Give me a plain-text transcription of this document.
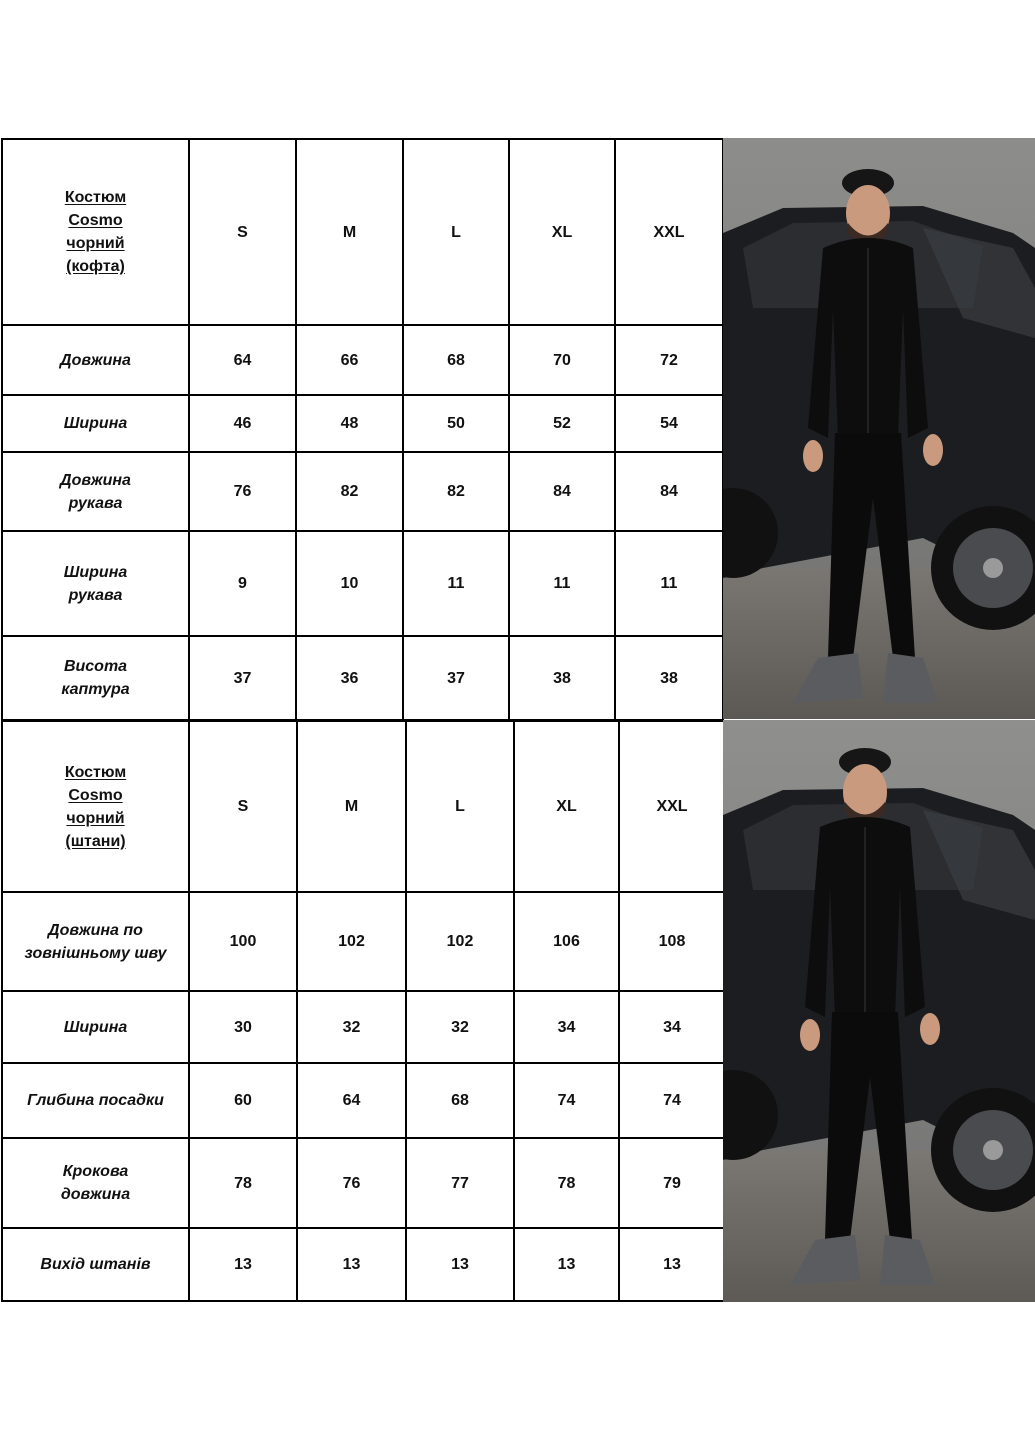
Костюм Cosmo чорний (кофта)	S	M	L	XL	XXL
Довжина	64	66	68	70	72
Ширина	46	48	50	52	54
Довжина рукава	76	82	82	84	84
Ширина рукава	9	10	11	11	11
Висота каптура	37	36	37	38	38
Костюм Cosmo чорний (штани)	S	M	L	XL	XXL
Довжина по зовнішньому шву	100	102	102	106	108
Ширина	30	32	32	34	34
Глибина посадки	60	64	68	74	74
Крокова довжина	78	76	77	78	79
Вихід штанів	13	13	13	13	13
